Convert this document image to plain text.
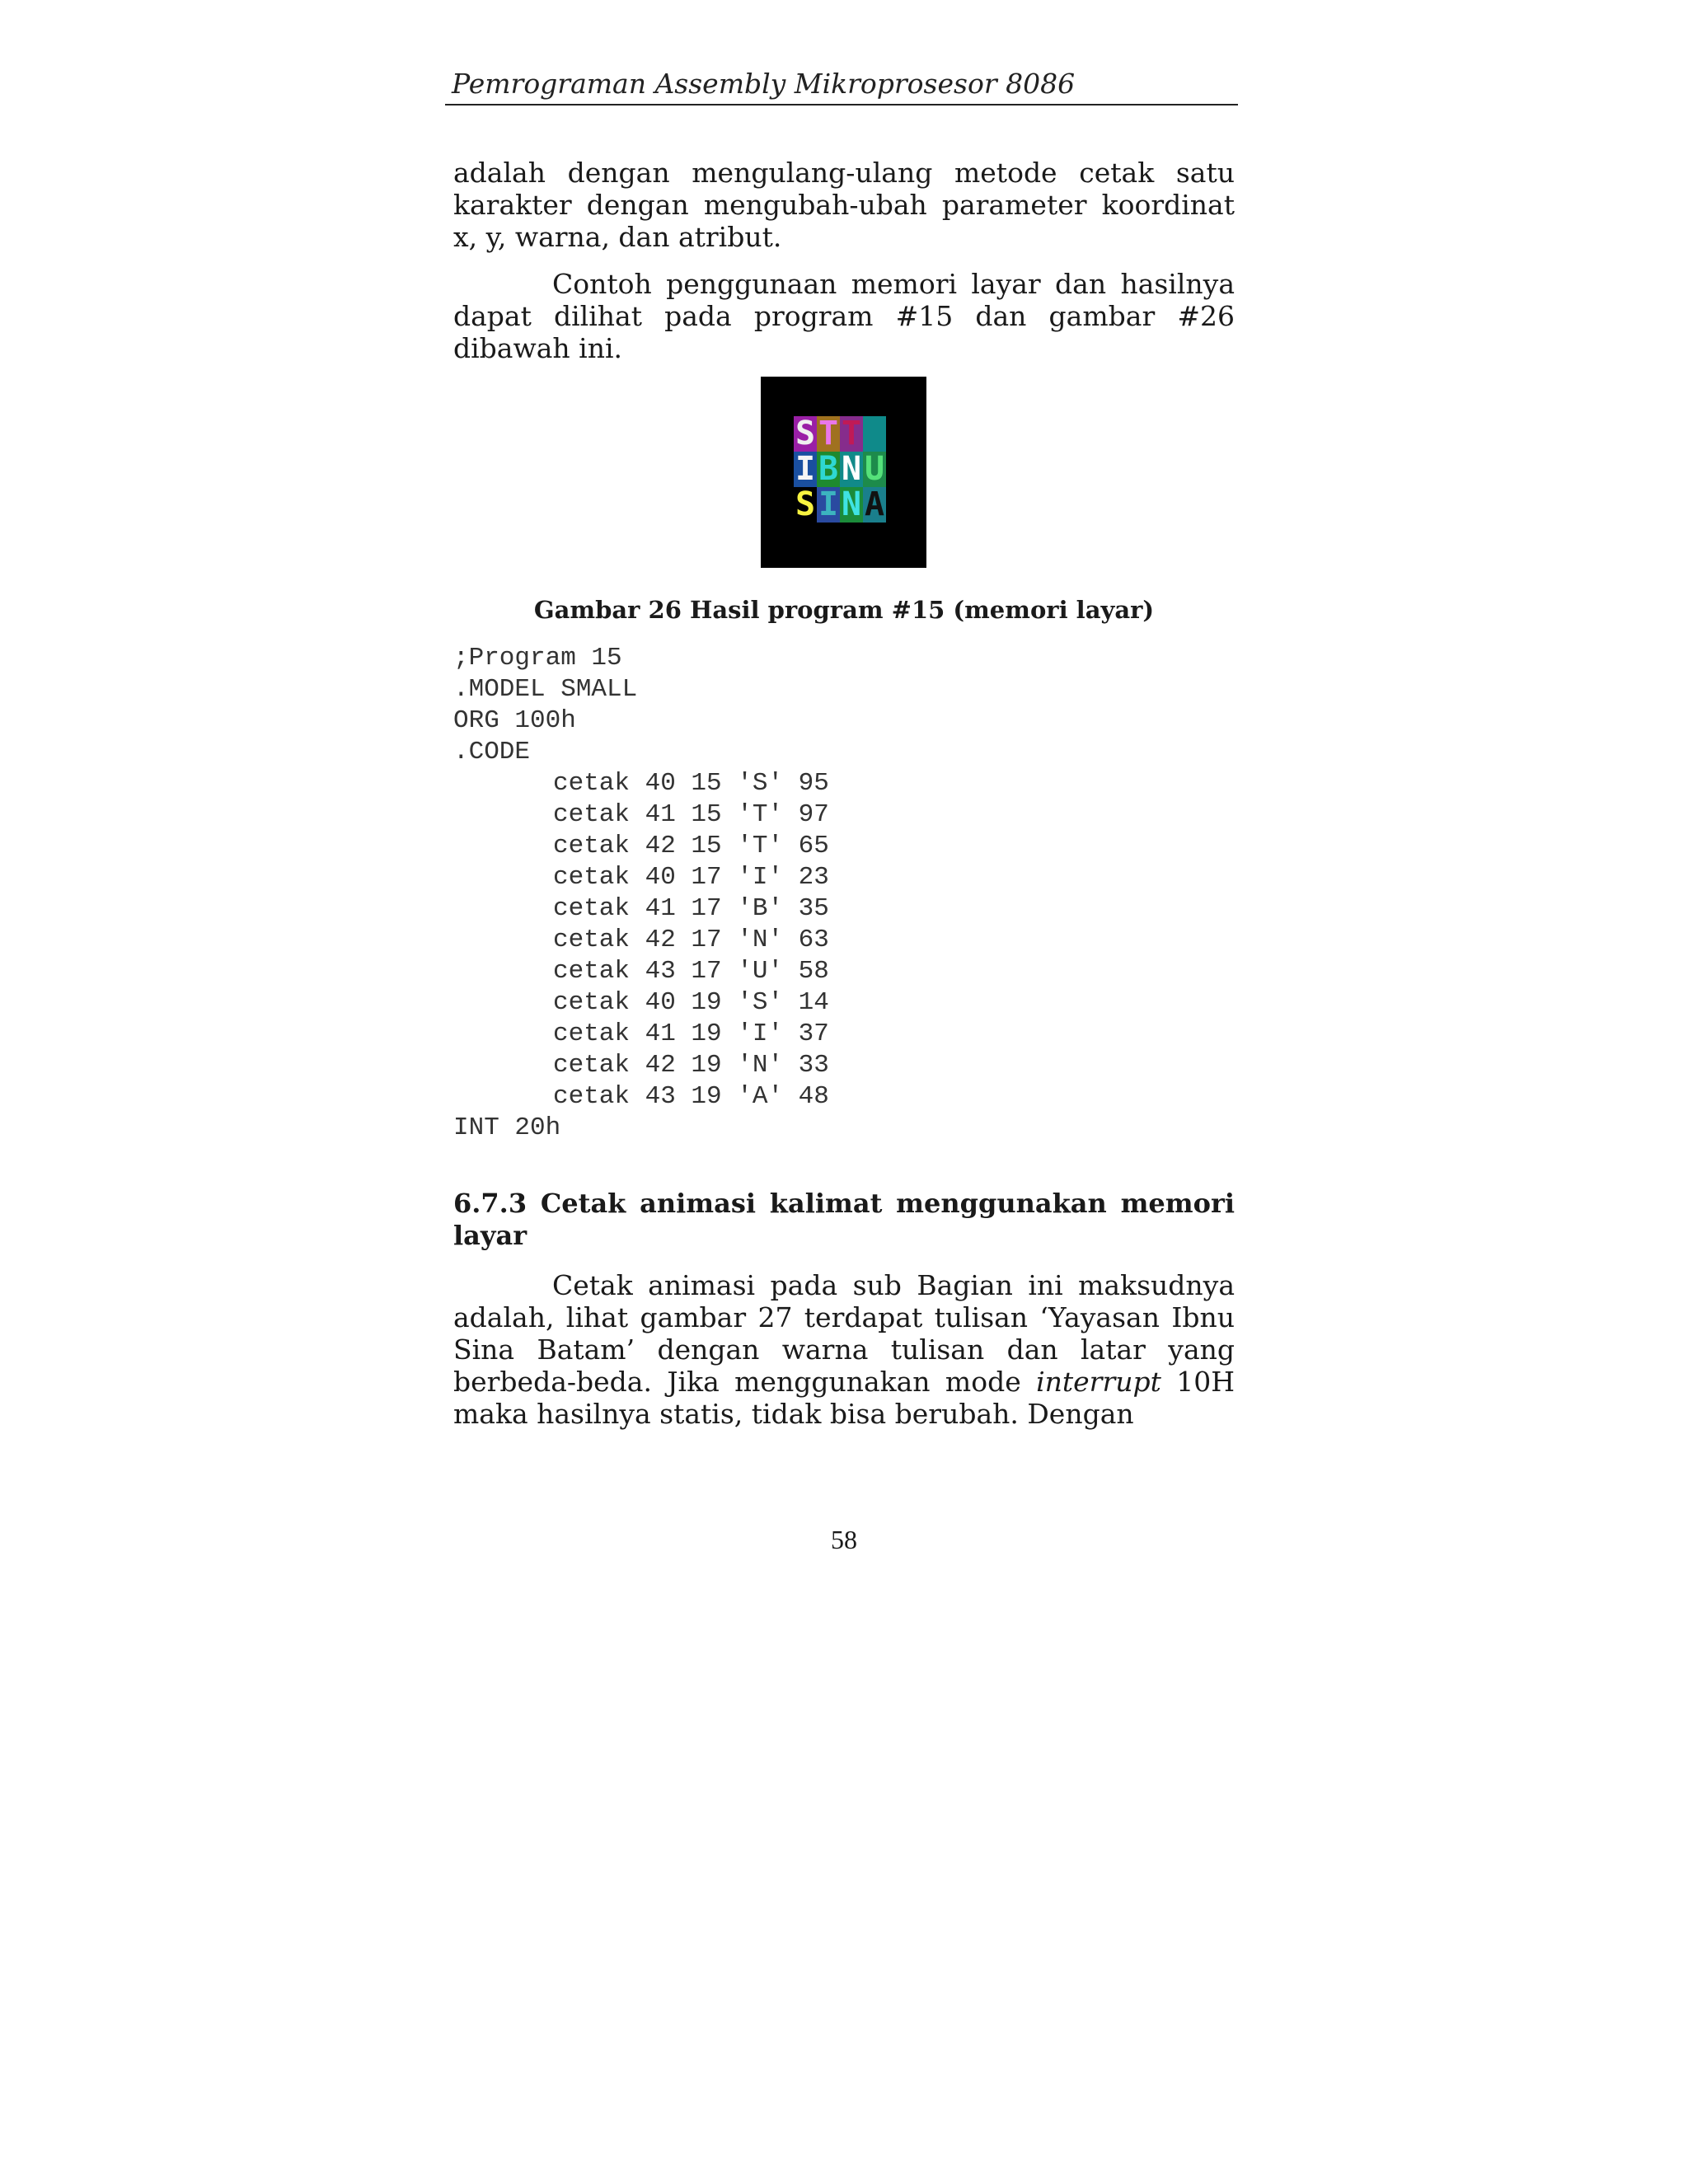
Pemrograman Assembly Mikroprosesor 8086

adalah dengan mengulang-ulang metode cetak satu karakter dengan mengubah-ubah parameter koordinat x, y, warna, dan atribut.

Contoh penggunaan memori layar dan hasilnya dapat dilihat pada program #15 dan gambar #26 dibawah ini.

S T T
I B N U
S I N A

Gambar 26 Hasil program #15 (memori layar)

;Program 15
.MODEL SMALL
ORG 100h
.CODE
cetak 40 15 'S' 95
cetak 41 15 'T' 97
cetak 42 15 'T' 65
cetak 40 17 'I' 23
cetak 41 17 'B' 35
cetak 42 17 'N' 63
cetak 43 17 'U' 58
cetak 40 19 'S' 14
cetak 41 19 'I' 37
cetak 42 19 'N' 33
cetak 43 19 'A' 48
INT 20h
6.7.3 Cetak animasi kalimat menggunakan memori layar

Cetak animasi pada sub Bagian ini maksudnya adalah, lihat gambar 27 terdapat tulisan ‘Yayasan Ibnu Sina Batam’ dengan warna tulisan dan latar yang berbeda-beda. Jika menggunakan mode interrupt 10H maka hasilnya statis, tidak bisa berubah. Dengan

58
